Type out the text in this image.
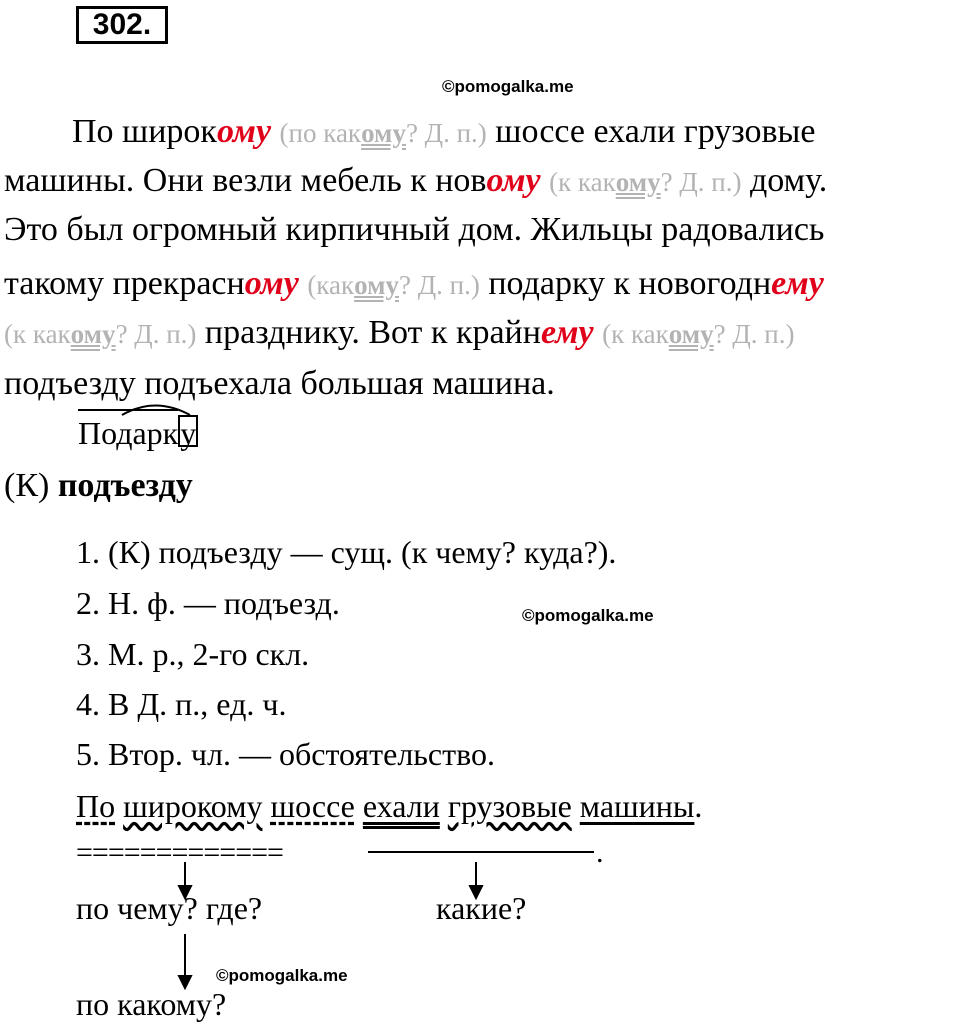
302.
©pomogalka.me
По широкому (по какому? Д. п.) шоссе ехали грузовые
машины. Они везли мебель к новому (к какому? Д. п.) дому.
Это был огромный кирпичный дом. Жильцы радовались
такому прекрасному (какому? Д. п.) подарку к новогоднему
(к какому? Д. п.) празднику. Вот к крайнему (к какому? Д. п.)
подъезду подъехала большая машина.
Подарку
(К) подъезду
1. (К) подъезду — сущ. (к чему? куда?).
2. Н. ф. — подъезд.	©pomogalka.me
3. М. р., 2-го скл.
4. В Д. п., ед. ч.
5. Втор. чл. — обстоятельство.
По широкому шоссе ехали грузовые машины.
=============	.
по чему? где?	какие?
©pomogalka.me
по какому?
